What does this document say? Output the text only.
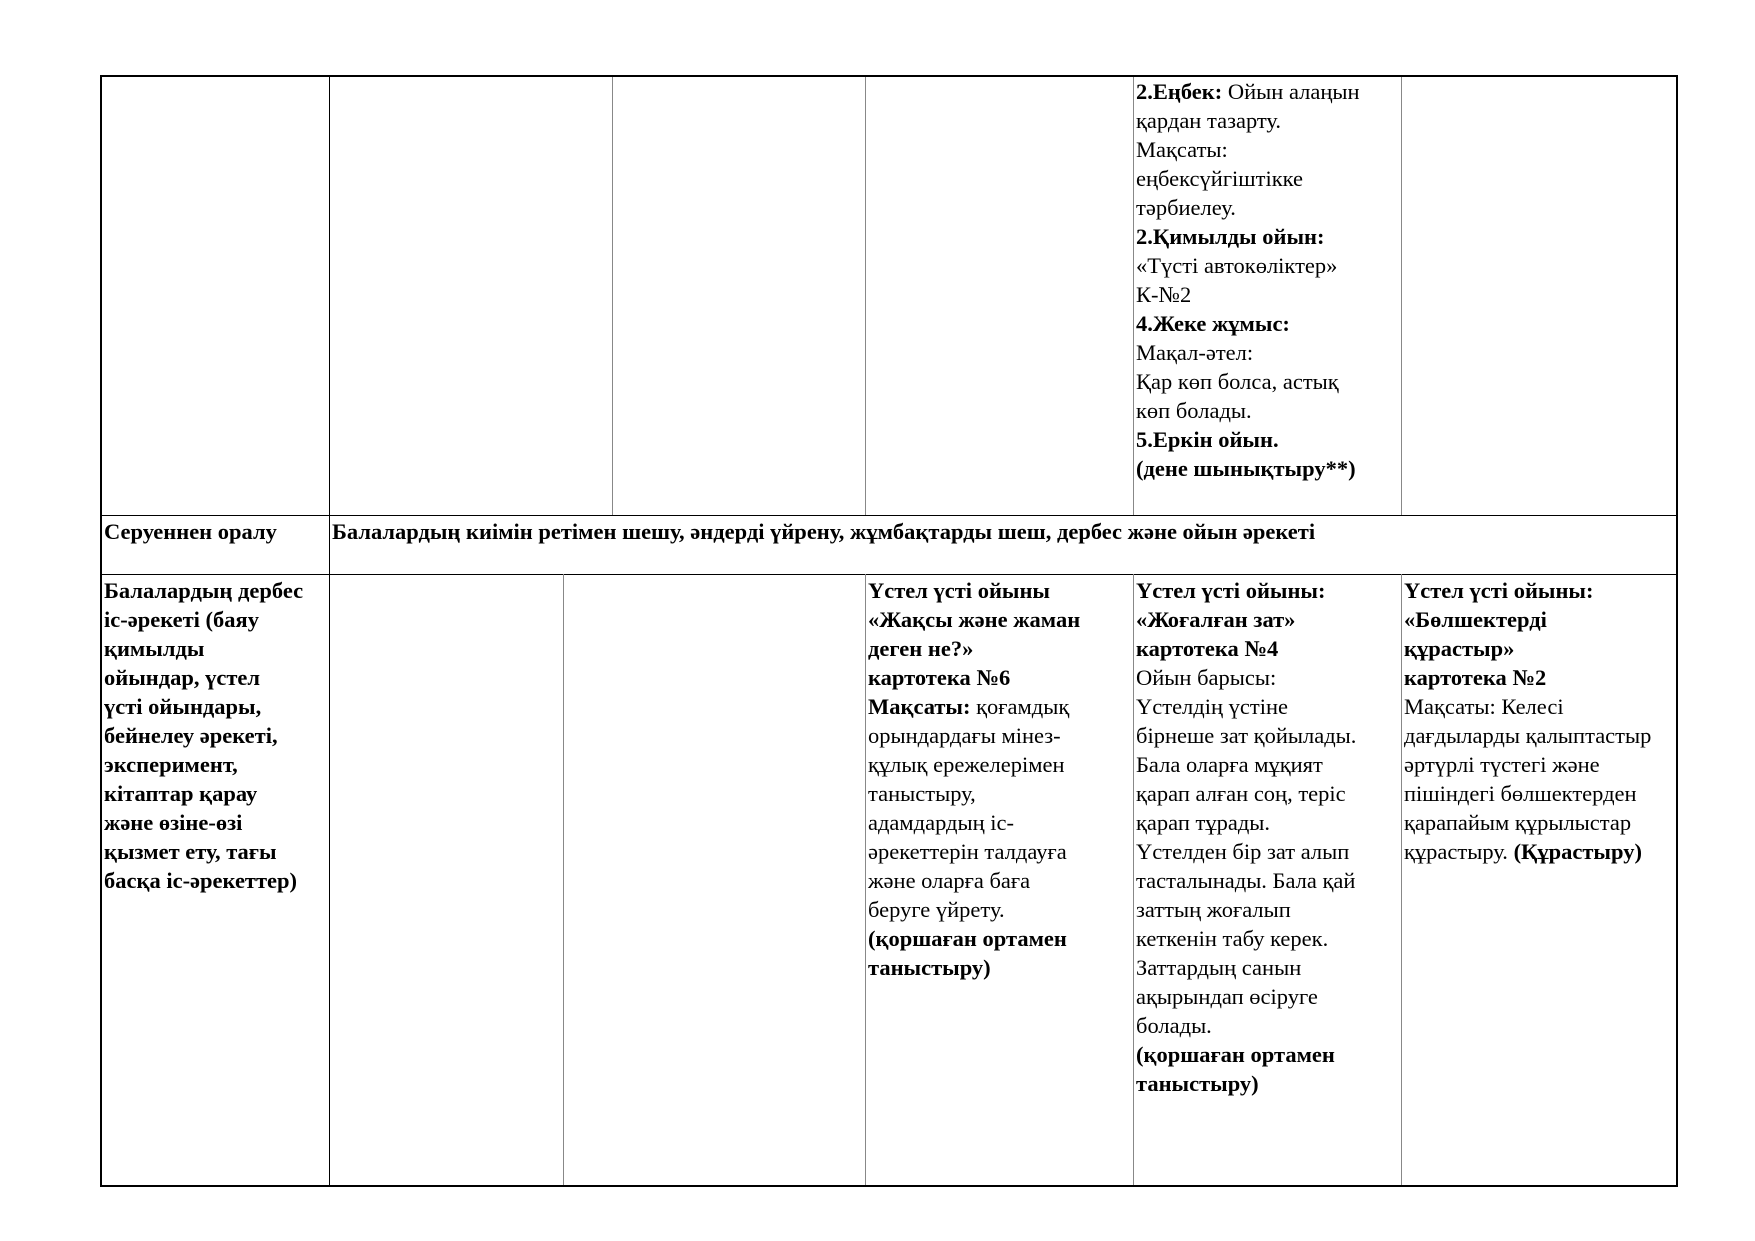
2.Еңбек: Ойын алаңын
қардан тазарту.
Мақсаты:
еңбексүйгіштікке
тәрбиелеу.
2.Қимылды ойын:
«Түсті автокөліктер»
К-№2
4.Жеке жұмыс:
Мақал-әтел:
Қар көп болса, астық
көп болады.
5.Еркін ойын.
(дене шынықтыру**)
Серуеннен оралу	Балалардың киімін ретімен шешу, әндерді үйрену, жұмбақтарды шеш, дербес және ойын әрекеті
Балалардың дербес
іс-әрекеті (баяу
қимылды
ойындар, үстел
үсті ойындары,
бейнелеу әрекеті,
эксперимент,
кітаптар қарау
және өзіне-өзі
қызмет ету, тағы
басқа іс-әрекеттер)
Үстел үсті ойыны
«Жақсы және жаман
деген не?»
картотека №6
Мақсаты: қоғамдық
орындардағы мінез-
құлық ережелерімен
таныстыру,
адамдардың іс-
әрекеттерін талдауға
және оларға баға
беруге үйрету.
(қоршаған ортамен
таныстыру)
Үстел үсті ойыны:
«Жоғалған зат»
картотека №4
Ойын барысы:
Үстелдің үстіне
бірнеше зат қойылады.
Бала оларға мұқият
қарап алған соң, теріс
қарап тұрады.
Үстелден бір зат алып
тасталынады. Бала қай
заттың жоғалып
кеткенін табу керек.
Заттардың санын
ақырындап өсіруге
болады.
(қоршаған ортамен
таныстыру)
Үстел үсті ойыны:
«Бөлшектерді
құрастыр»
картотека №2
Мақсаты: Келесі
дағдыларды қалыптастыр
әртүрлі түстегі және
пішіндегі бөлшектерден
қарапайым құрылыстар
құрастыру. (Құрастыру)
